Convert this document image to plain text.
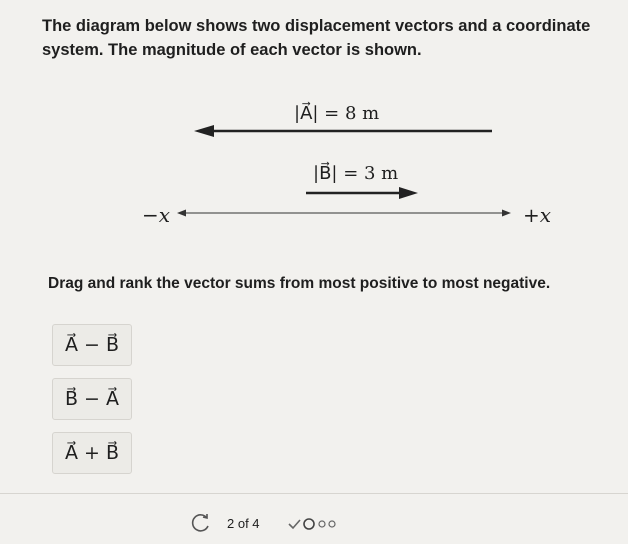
The diagram below shows two displacement vectors and a coordinate
system. The magnitude of each vector is shown.
|A⃗| = 8 m
|B⃗| = 3 m
−x	+x
Drag and rank the vector sums from most positive to most negative.
A⃗ − B⃗
B⃗ − A⃗
A⃗ + B⃗
2 of 4
